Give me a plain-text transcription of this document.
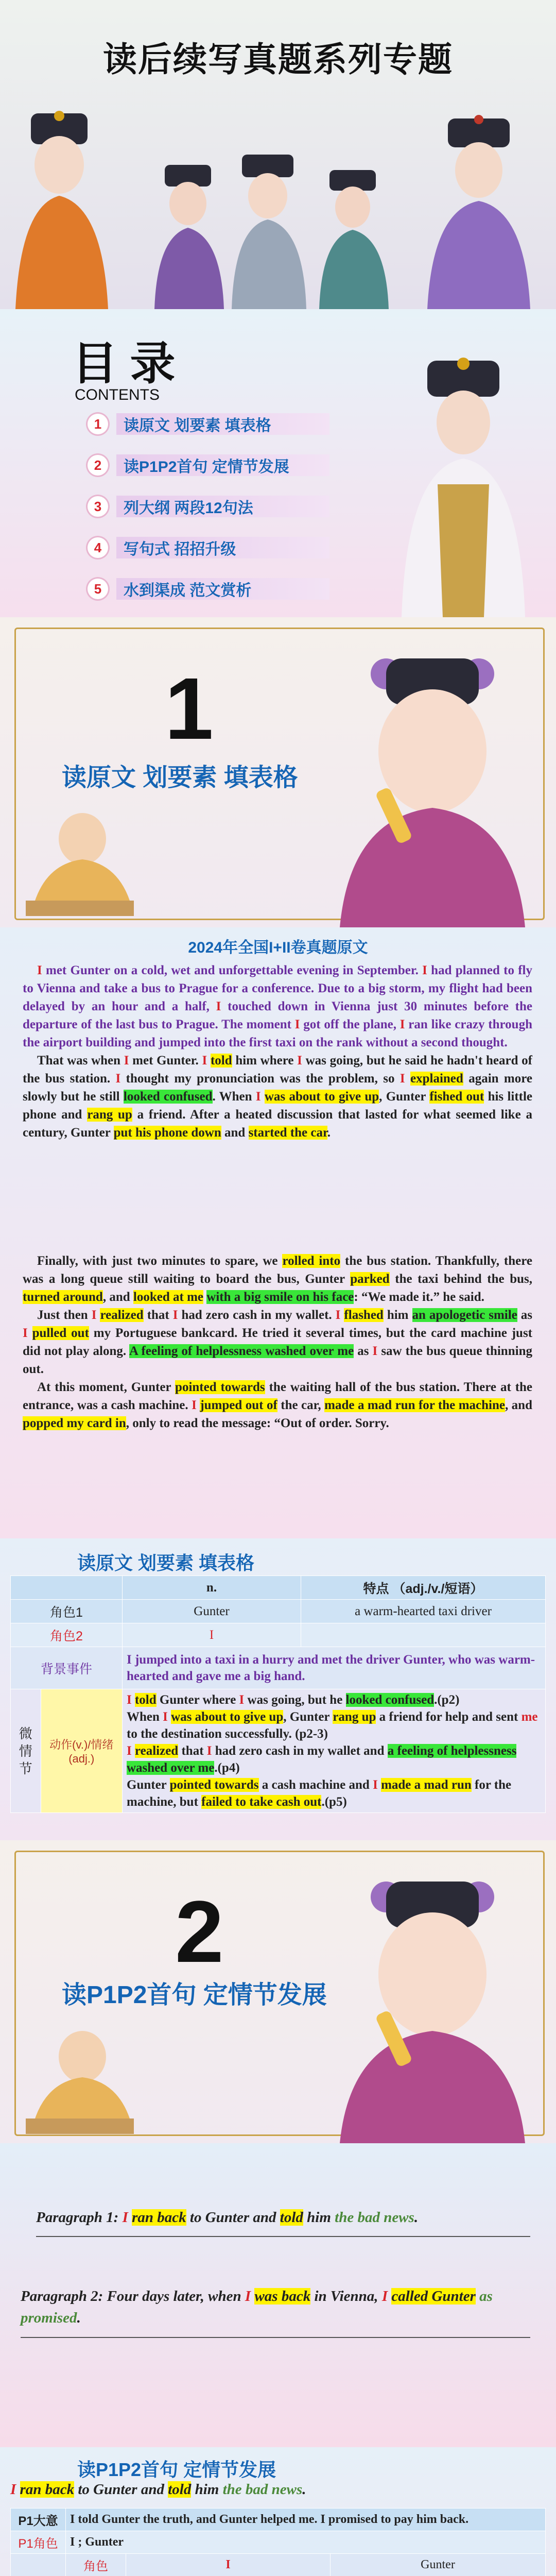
读后续写真题系列专题
目 录
CONTENTS
1	读原文 划要素 填表格
2	读P1P2首句 定情节发展
3	列大纲 两段12句法
4	写句式 招招升级
5	水到渠成 范文赏析
1
读原文 划要素 填表格
2024年全国I+II卷真题原文

I met Gunter on a cold, wet and unforgettable evening in September. I had planned to fly to Vienna and take a bus to Prague for a conference. Due to a big storm, my flight had been delayed by an hour and a half, I touched down in Vienna just 30 minutes before the departure of the last bus to Prague. The moment I got off the plane, I ran like crazy through the airport building and jumped into the first taxi on the rank without a second thought.

That was when I met Gunter. I told him where I was going, but he said he hadn't heard of the bus station. I thought my pronunciation was the problem, so I explained again more slowly but he still looked confused. When I was about to give up, Gunter fished out his little phone and rang up a friend. After a heated discussion that lasted for what seemed like a century, Gunter put his phone down and started the car.

Finally, with just two minutes to spare, we rolled into the bus station. Thankfully, there was a long queue still waiting to board the bus, Gunter parked the taxi behind the bus, turned around, and looked at me with a big smile on his face: “We made it.” he said.

Just then I realized that I had zero cash in my wallet. I flashed him an apologetic smile as I pulled out my Portuguese bankcard. He tried it several times, but the card machine just did not play along. A feeling of helplessness washed over me as I saw the bus queue thinning out.

At this moment, Gunter pointed towards the waiting hall of the bus station. There at the entrance, was a cash machine. I jumped out of the car, made a mad run for the machine, and popped my card in, only to read the message: “Out of order. Sorry.

读原文 划要素 填表格
		n.	特点 （adj./v./短语）
角色1		Gunter	a warm-hearted taxi driver
角色2		I	
背景事件		I jumped into a taxi in a hurry and met the driver Gunter, who was warm-hearted and gave me a big hand.	
微情节	动作(v.)/情绪(adj.)	I told Gunter where I was going, but he looked confused.(p2)
When I was about to give up, Gunter rang up a friend for help and sent me to the destination successfully. (p2-3)
I realized that I had zero cash in my wallet and a feeling of helplessness washed over me.(p4)
Gunter pointed towards a cash machine and I made a mad run for the machine, but failed to take cash out.(p5)	
2
读P1P2首句 定情节发展
Paragraph 1: I ran back to Gunter and told him the bad news.
Paragraph 2: Four days later, when I was back in Vienna, I called Gunter as promised.
读P1P2首句 定情节发展
I ran back to Gunter and told him the bad news.
P1大意	I told Gunter the truth, and Gunter helped me. I promised to pay him back.		
P1角色	I ; Gunter		
	角色	I	Gunter
